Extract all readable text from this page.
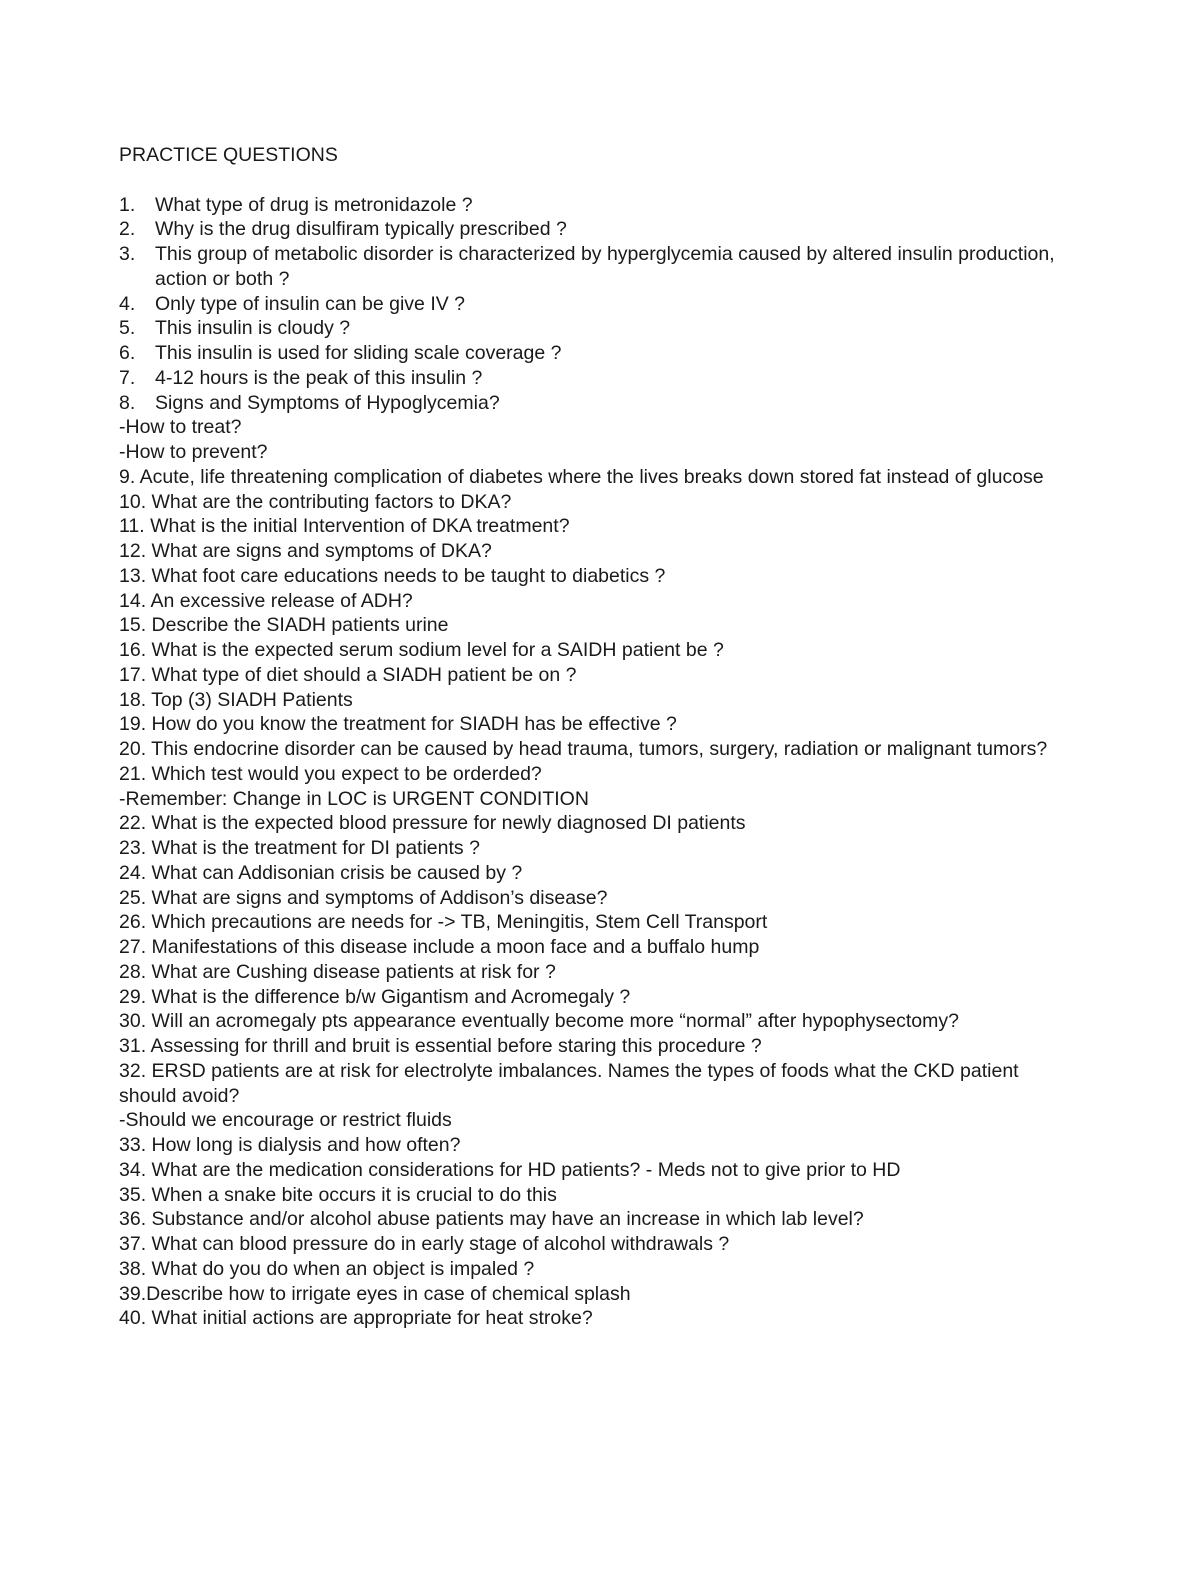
PRACTICE QUESTIONS
1.	What type of drug is metronidazole ?
2.	Why is the drug disulfiram typically prescribed ?
3.	This group of metabolic disorder is characterized by hyperglycemia caused by altered insulin production, action or both ?
4.	Only type of insulin can be give IV ?
5.	This insulin is cloudy ?
6.	This insulin is used for sliding scale coverage ?
7.	4-12 hours is the peak of this insulin ?
8.	Signs and Symptoms of Hypoglycemia?
-How to treat?
-How to prevent?
9. Acute, life threatening complication of diabetes where the lives breaks down stored fat instead of glucose
10. What are the contributing factors to DKA?
11. What is the initial Intervention of DKA treatment?
12. What are signs and symptoms of DKA?
13. What foot care educations needs to be taught to diabetics ?
14. An excessive release of ADH?
15. Describe the SIADH patients urine
16. What is the expected serum sodium level for a SAIDH patient be ?
17. What type of diet should a SIADH patient be on ?
18. Top (3) SIADH Patients
19. How do you know the treatment for SIADH has be effective ?
20. This endocrine disorder can be caused by head trauma, tumors, surgery, radiation or malignant tumors?
21. Which test would you expect to be orderded?
-Remember: Change in LOC is URGENT CONDITION
22. What is the expected blood pressure for newly diagnosed DI patients
23. What is the treatment for DI patients ?
24. What can Addisonian crisis be caused by ?
25. What are signs and symptoms of Addison’s disease?
26. Which precautions are needs for -> TB, Meningitis, Stem Cell Transport
27. Manifestations of this disease include a moon face and a buffalo hump
28. What are Cushing disease patients at risk for ?
29. What is the difference b/w Gigantism and Acromegaly ?
30. Will an acromegaly pts appearance eventually become more “normal” after hypophysectomy?
31. Assessing for thrill and bruit is essential before staring this procedure ?
32. ERSD patients are at risk for electrolyte imbalances. Names the types of foods what the CKD patient should avoid?
-Should we encourage or restrict fluids
33. How long is dialysis and how often?
34. What are the medication considerations for HD patients? - Meds not to give prior to HD
35. When a snake bite occurs it is crucial to do this
36. Substance and/or alcohol abuse patients may have an increase in which lab level?
37. What can blood pressure do in early stage of alcohol withdrawals ?
38. What do you do when an object is impaled ?
39.Describe how to irrigate eyes in case of chemical splash
40. What initial actions are appropriate for heat stroke?
